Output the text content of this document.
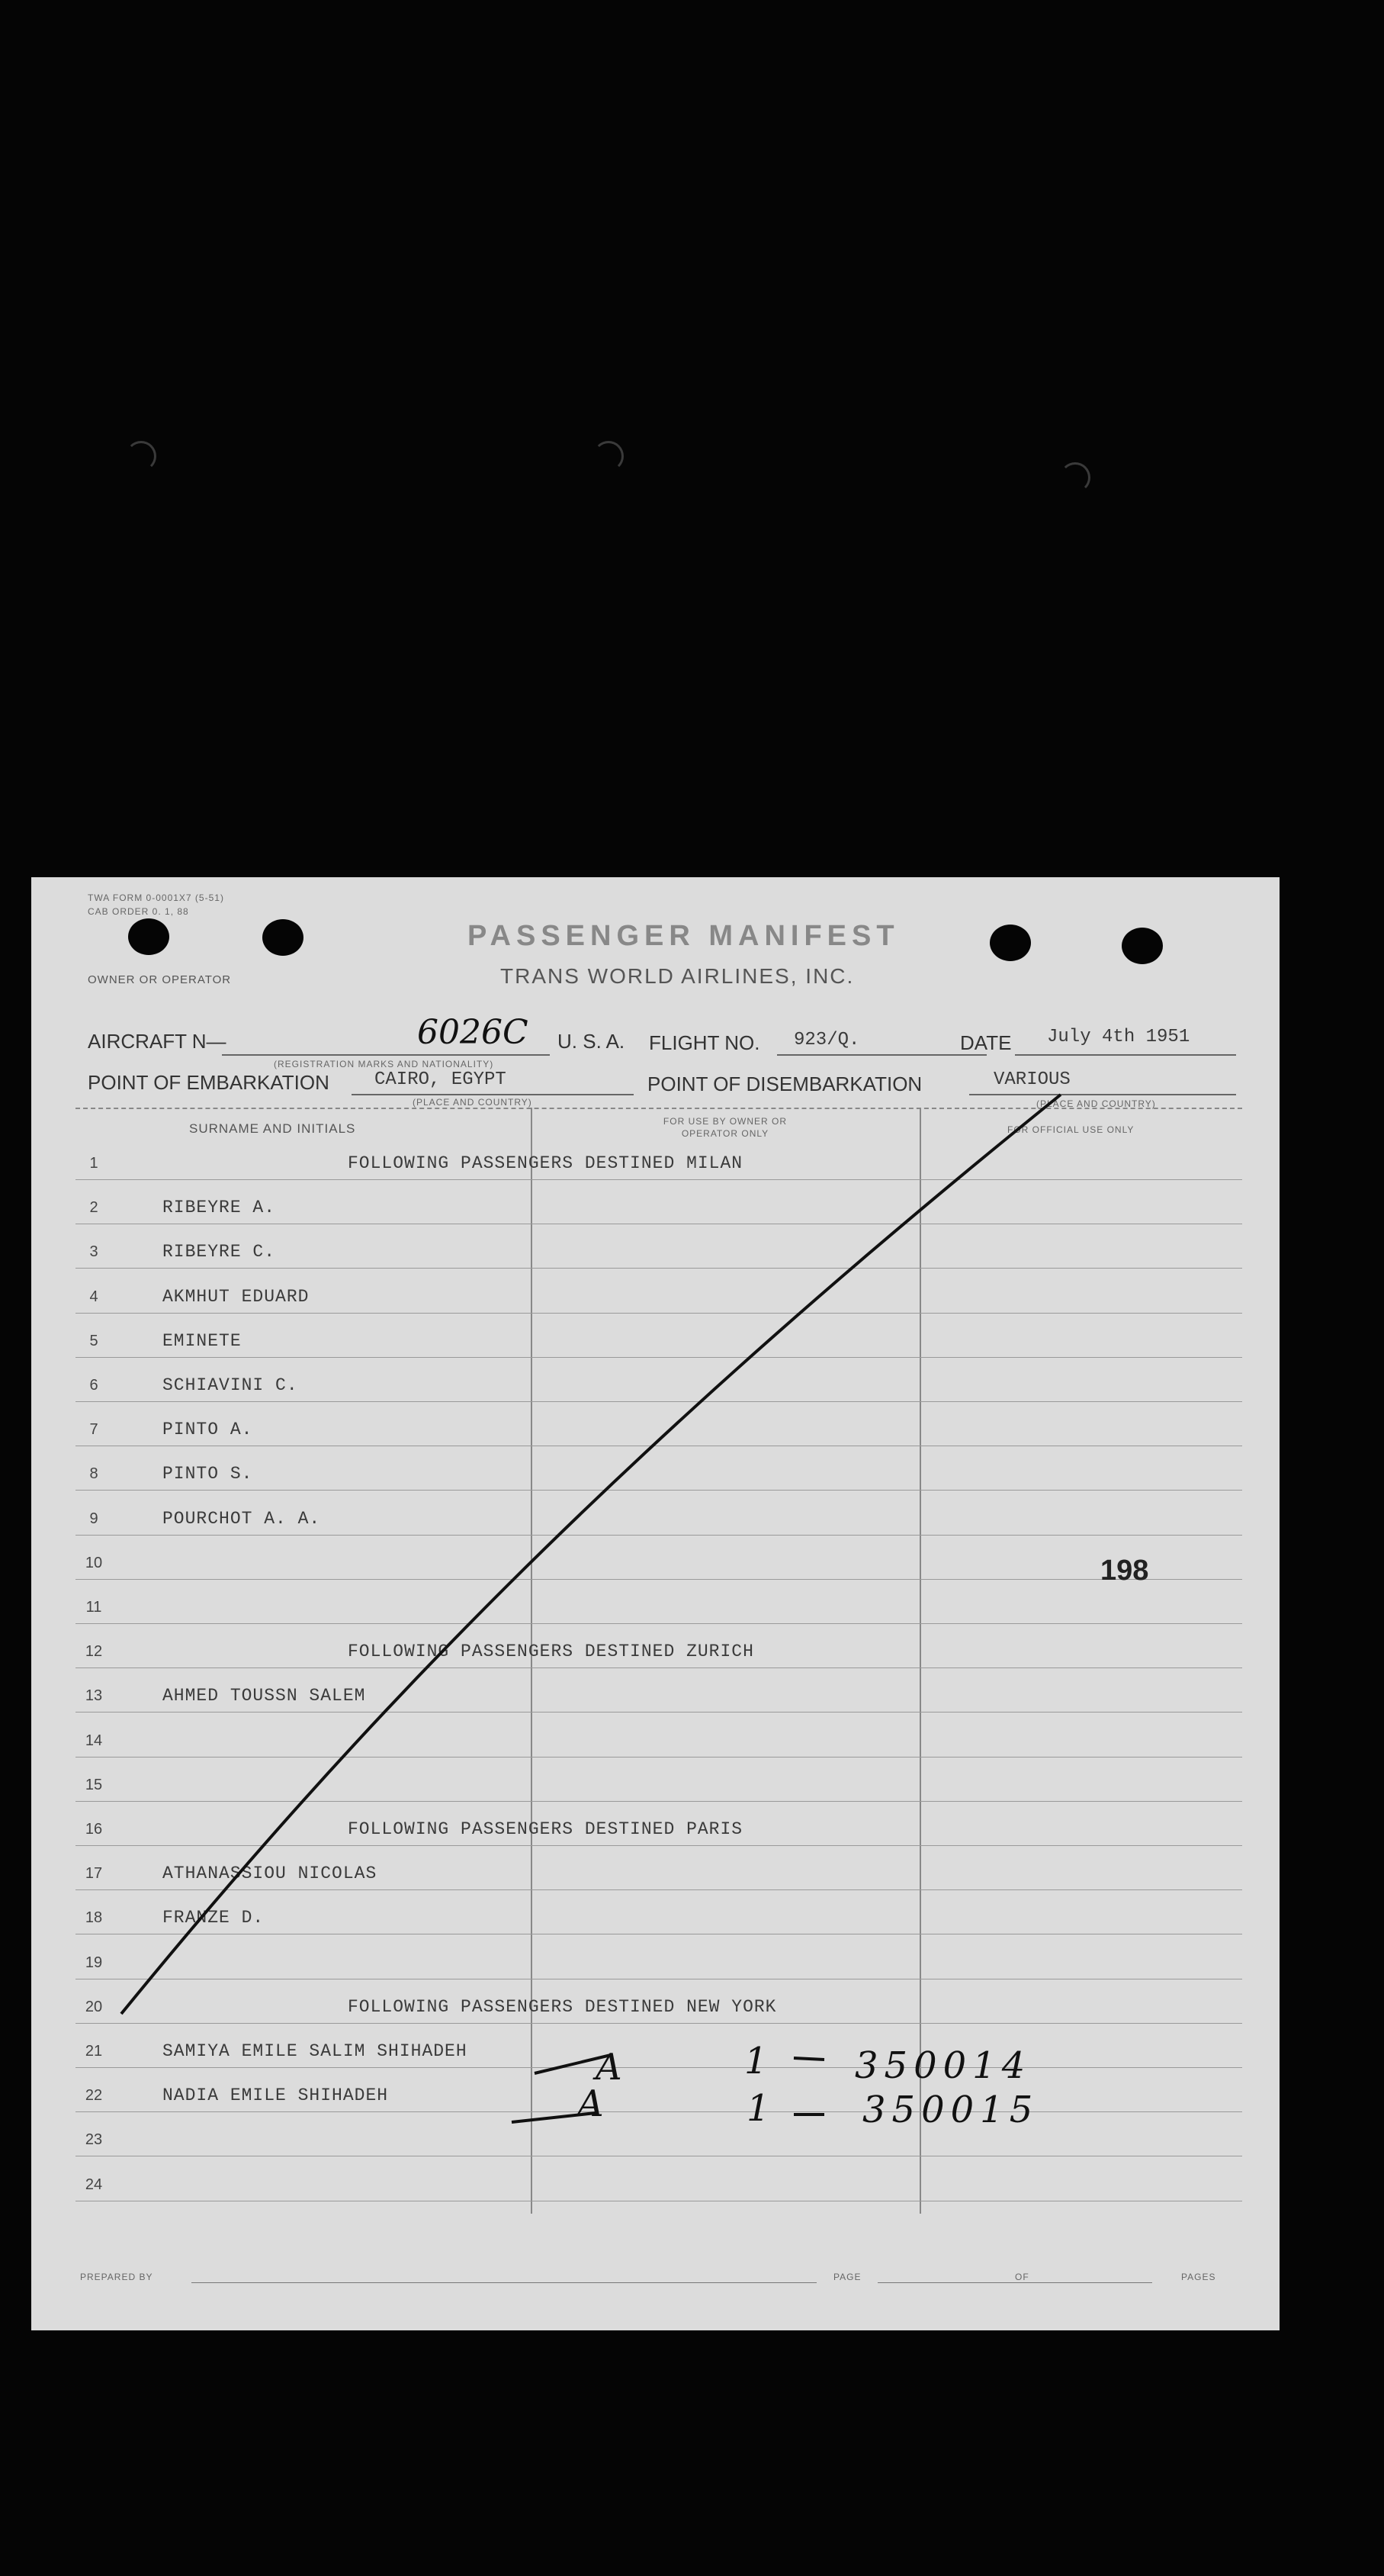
TWA FORM 0-0001X7 (5-51)
CAB ORDER 0. 1, 88
OWNER OR OPERATOR
PASSENGER MANIFEST
TRANS WORLD AIRLINES, INC.
AIRCRAFT N—	6026C
(REGISTRATION MARKS AND NATIONALITY)
U. S. A. FLIGHT NO. 923/Q.	DATE July 4th 1951
POINT OF EMBARKATION CAIRO, EGYPT
(PLACE AND COUNTRY)
POINT OF DISEMBARKATION	VARIOUS
(PLACE AND COUNTRY)
SURNAME AND INITIALS	FOR USE BY OWNER OR OPERATOR ONLY	FOR OFFICIAL USE ONLY
1	FOLLOWING PASSENGERS DESTINED MILAN
2	RIBEYRE A.
3	RIBEYRE C.
4	AKMHUT EDUARD
5	EMINETE
6	SCHIAVINI C.
7	PINTO A.
8	PINTO S.
9	POURCHOT A. A.
10
11
12	FOLLOWING PASSENGERS DESTINED ZURICH
13	AHMED TOUSSN SALEM
14
15
16	FOLLOWING PASSENGERS DESTINED PARIS
17	ATHANASSIOU NICOLAS
18	FRANZE D.
19
20	FOLLOWING PASSENGERS DESTINED NEW YORK
21	SAMIYA EMILE SALIM SHIHADEH
22	NADIA EMILE SHIHADEH
23
24
198
A	1 350014
A	1	350015
PREPARED BY	PAGE	OF	PAGES
